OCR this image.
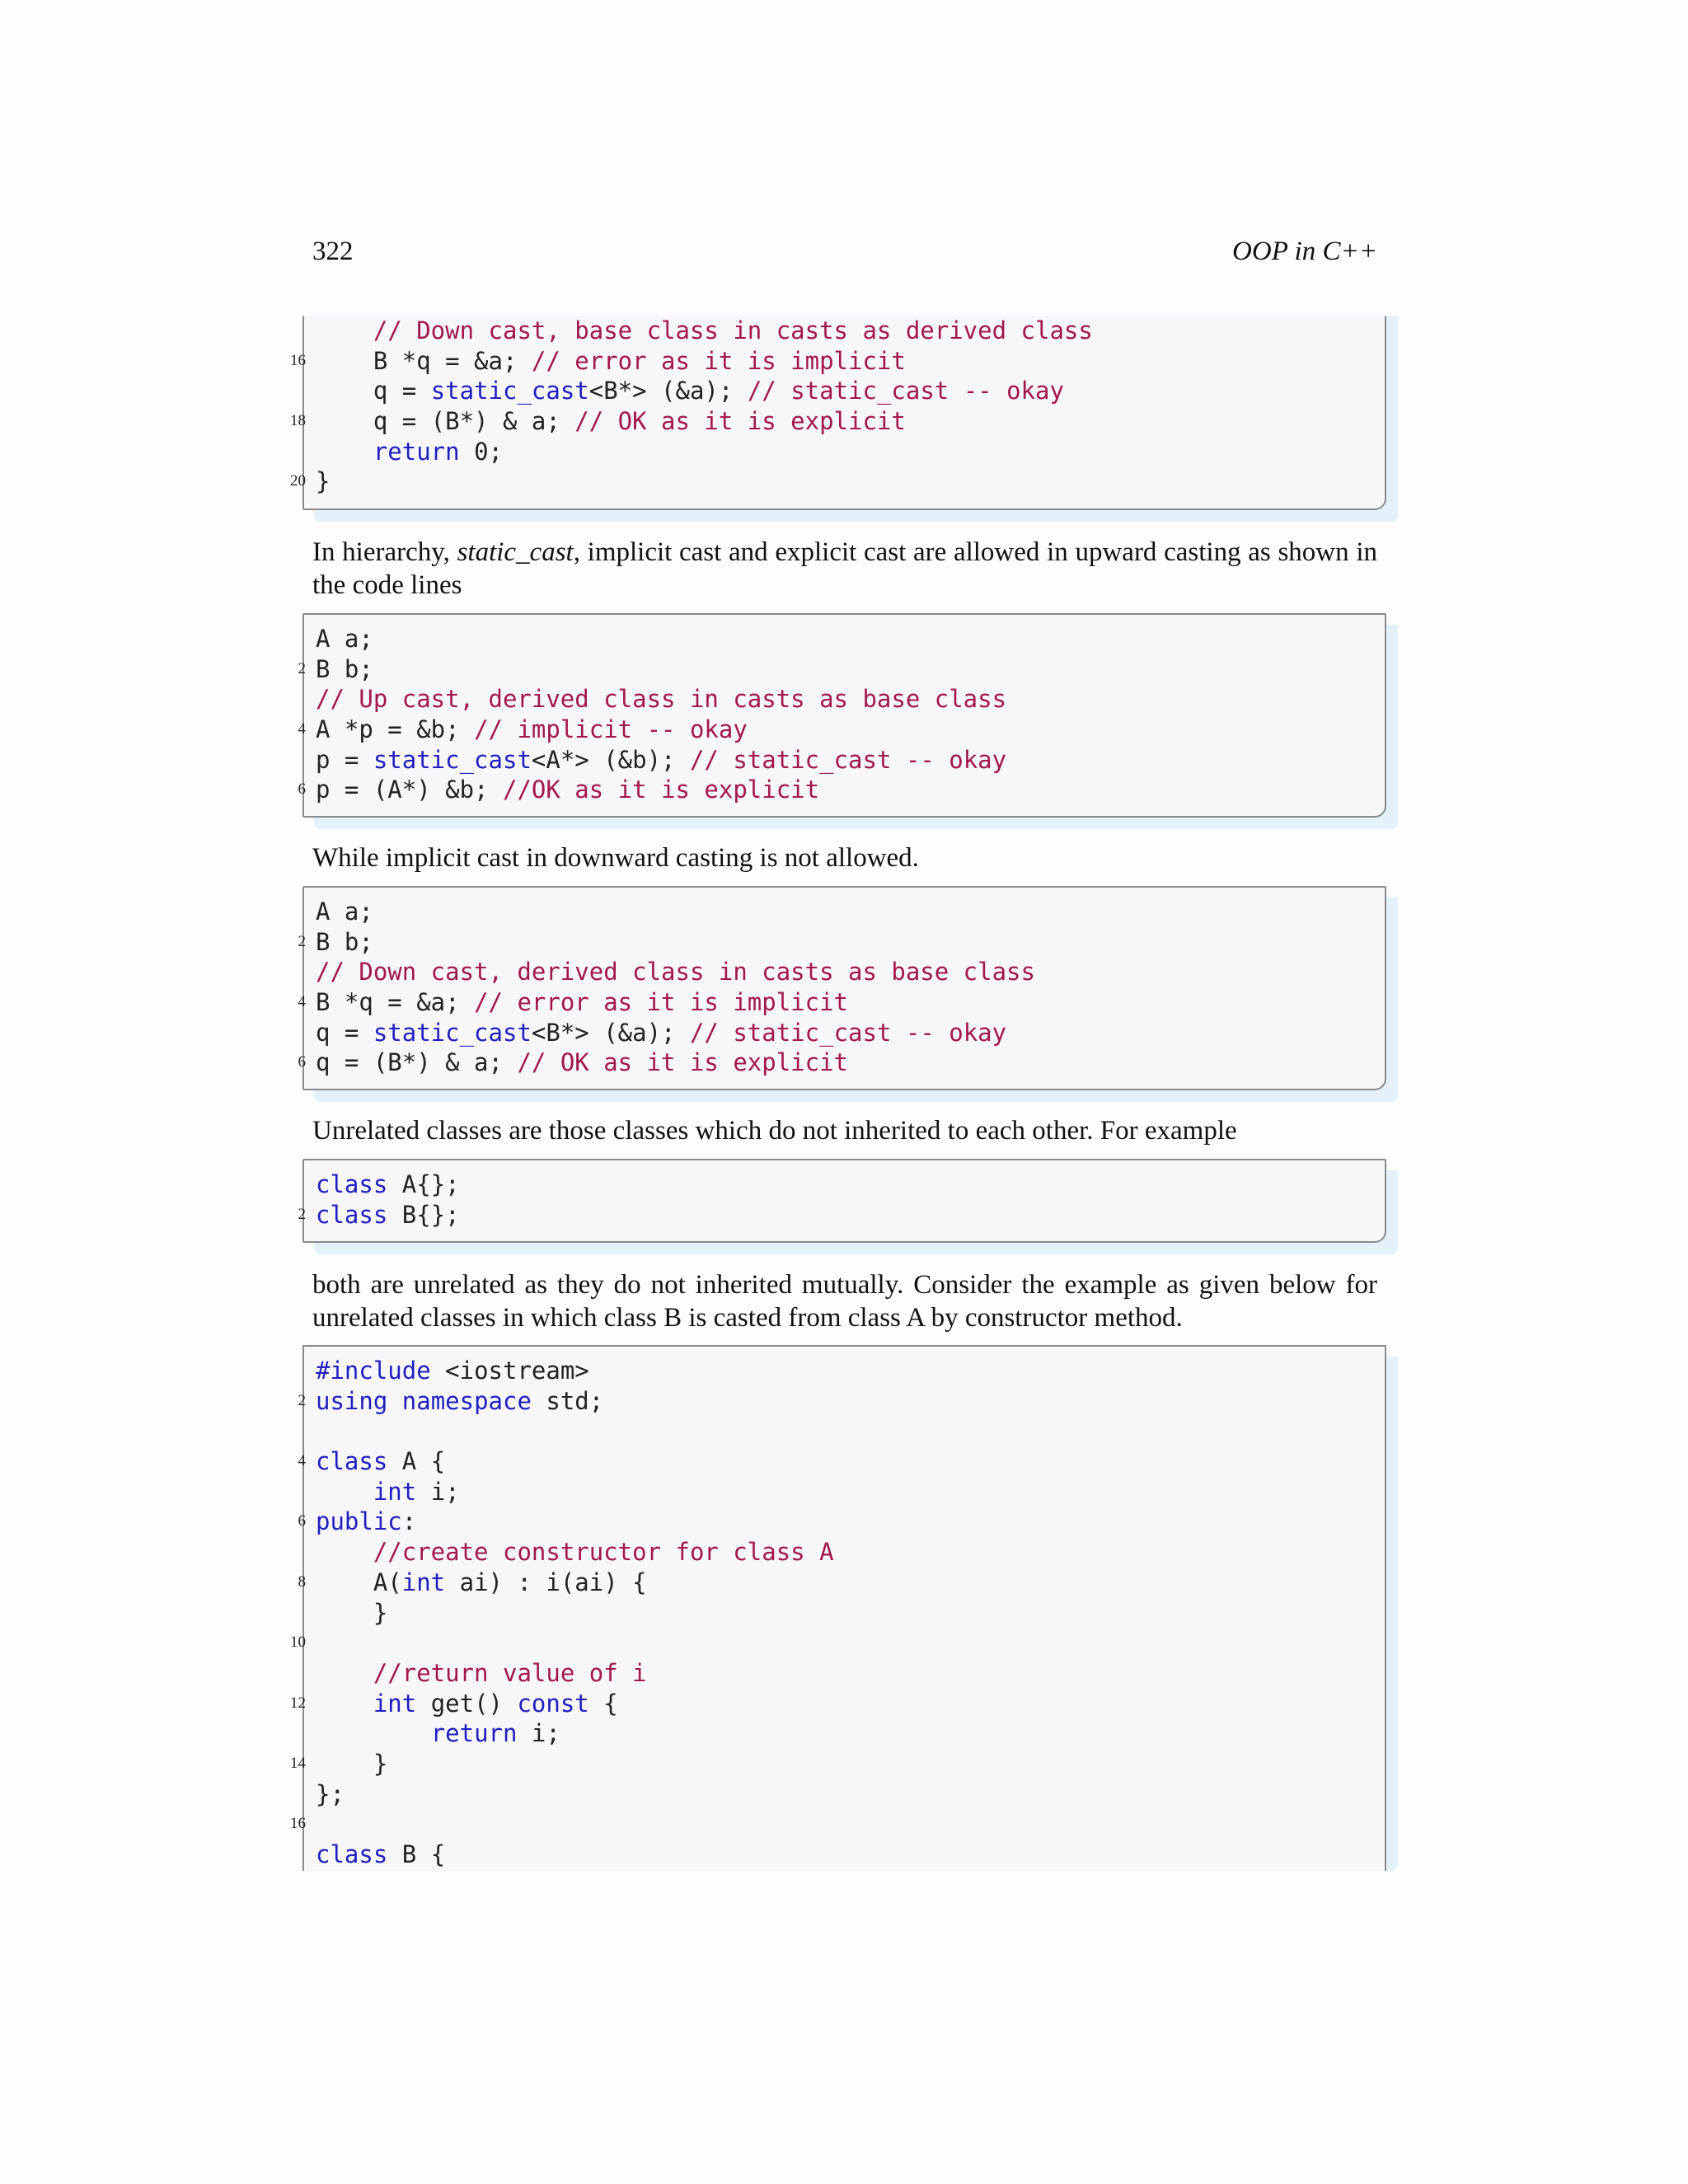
322	OOP in C++
// Down cast, base class in casts as derived class
16 B *q = &a; // error as it is implicit
q = static_cast<B*> (&a); // static_cast -- okay
18 q = (B*) & a; // OK as it is explicit
return 0;
20 }
In hierarchy, static_cast, implicit cast and explicit cast are allowed in upward casting as shown in the code lines
A a;
2 B b;
// Up cast, derived class in casts as base class
4 A *p = &b; // implicit -- okay
p = static_cast<A*> (&b); // static_cast -- okay
6 p = (A*) &b; //OK as it is explicit
While implicit cast in downward casting is not allowed.
A a;
2 B b;
// Down cast, derived class in casts as base class
4 B *q = &a; // error as it is implicit
q = static_cast<B*> (&a); // static_cast -- okay
6 q = (B*) & a; // OK as it is explicit
Unrelated classes are those classes which do not inherited to each other. For example
class A{};
2 class B{};
both are unrelated as they do not inherited mutually. Consider the example as given below for unrelated classes in which class B is casted from class A by constructor method.
#include <iostream>
2 using namespace std;
4 class A {
int i;
6 public:
//create constructor for class A
8 A(int ai) : i(ai) {
}
10
//return value of i
12	int get() const {
return i;
14 }
};
16
class B {
